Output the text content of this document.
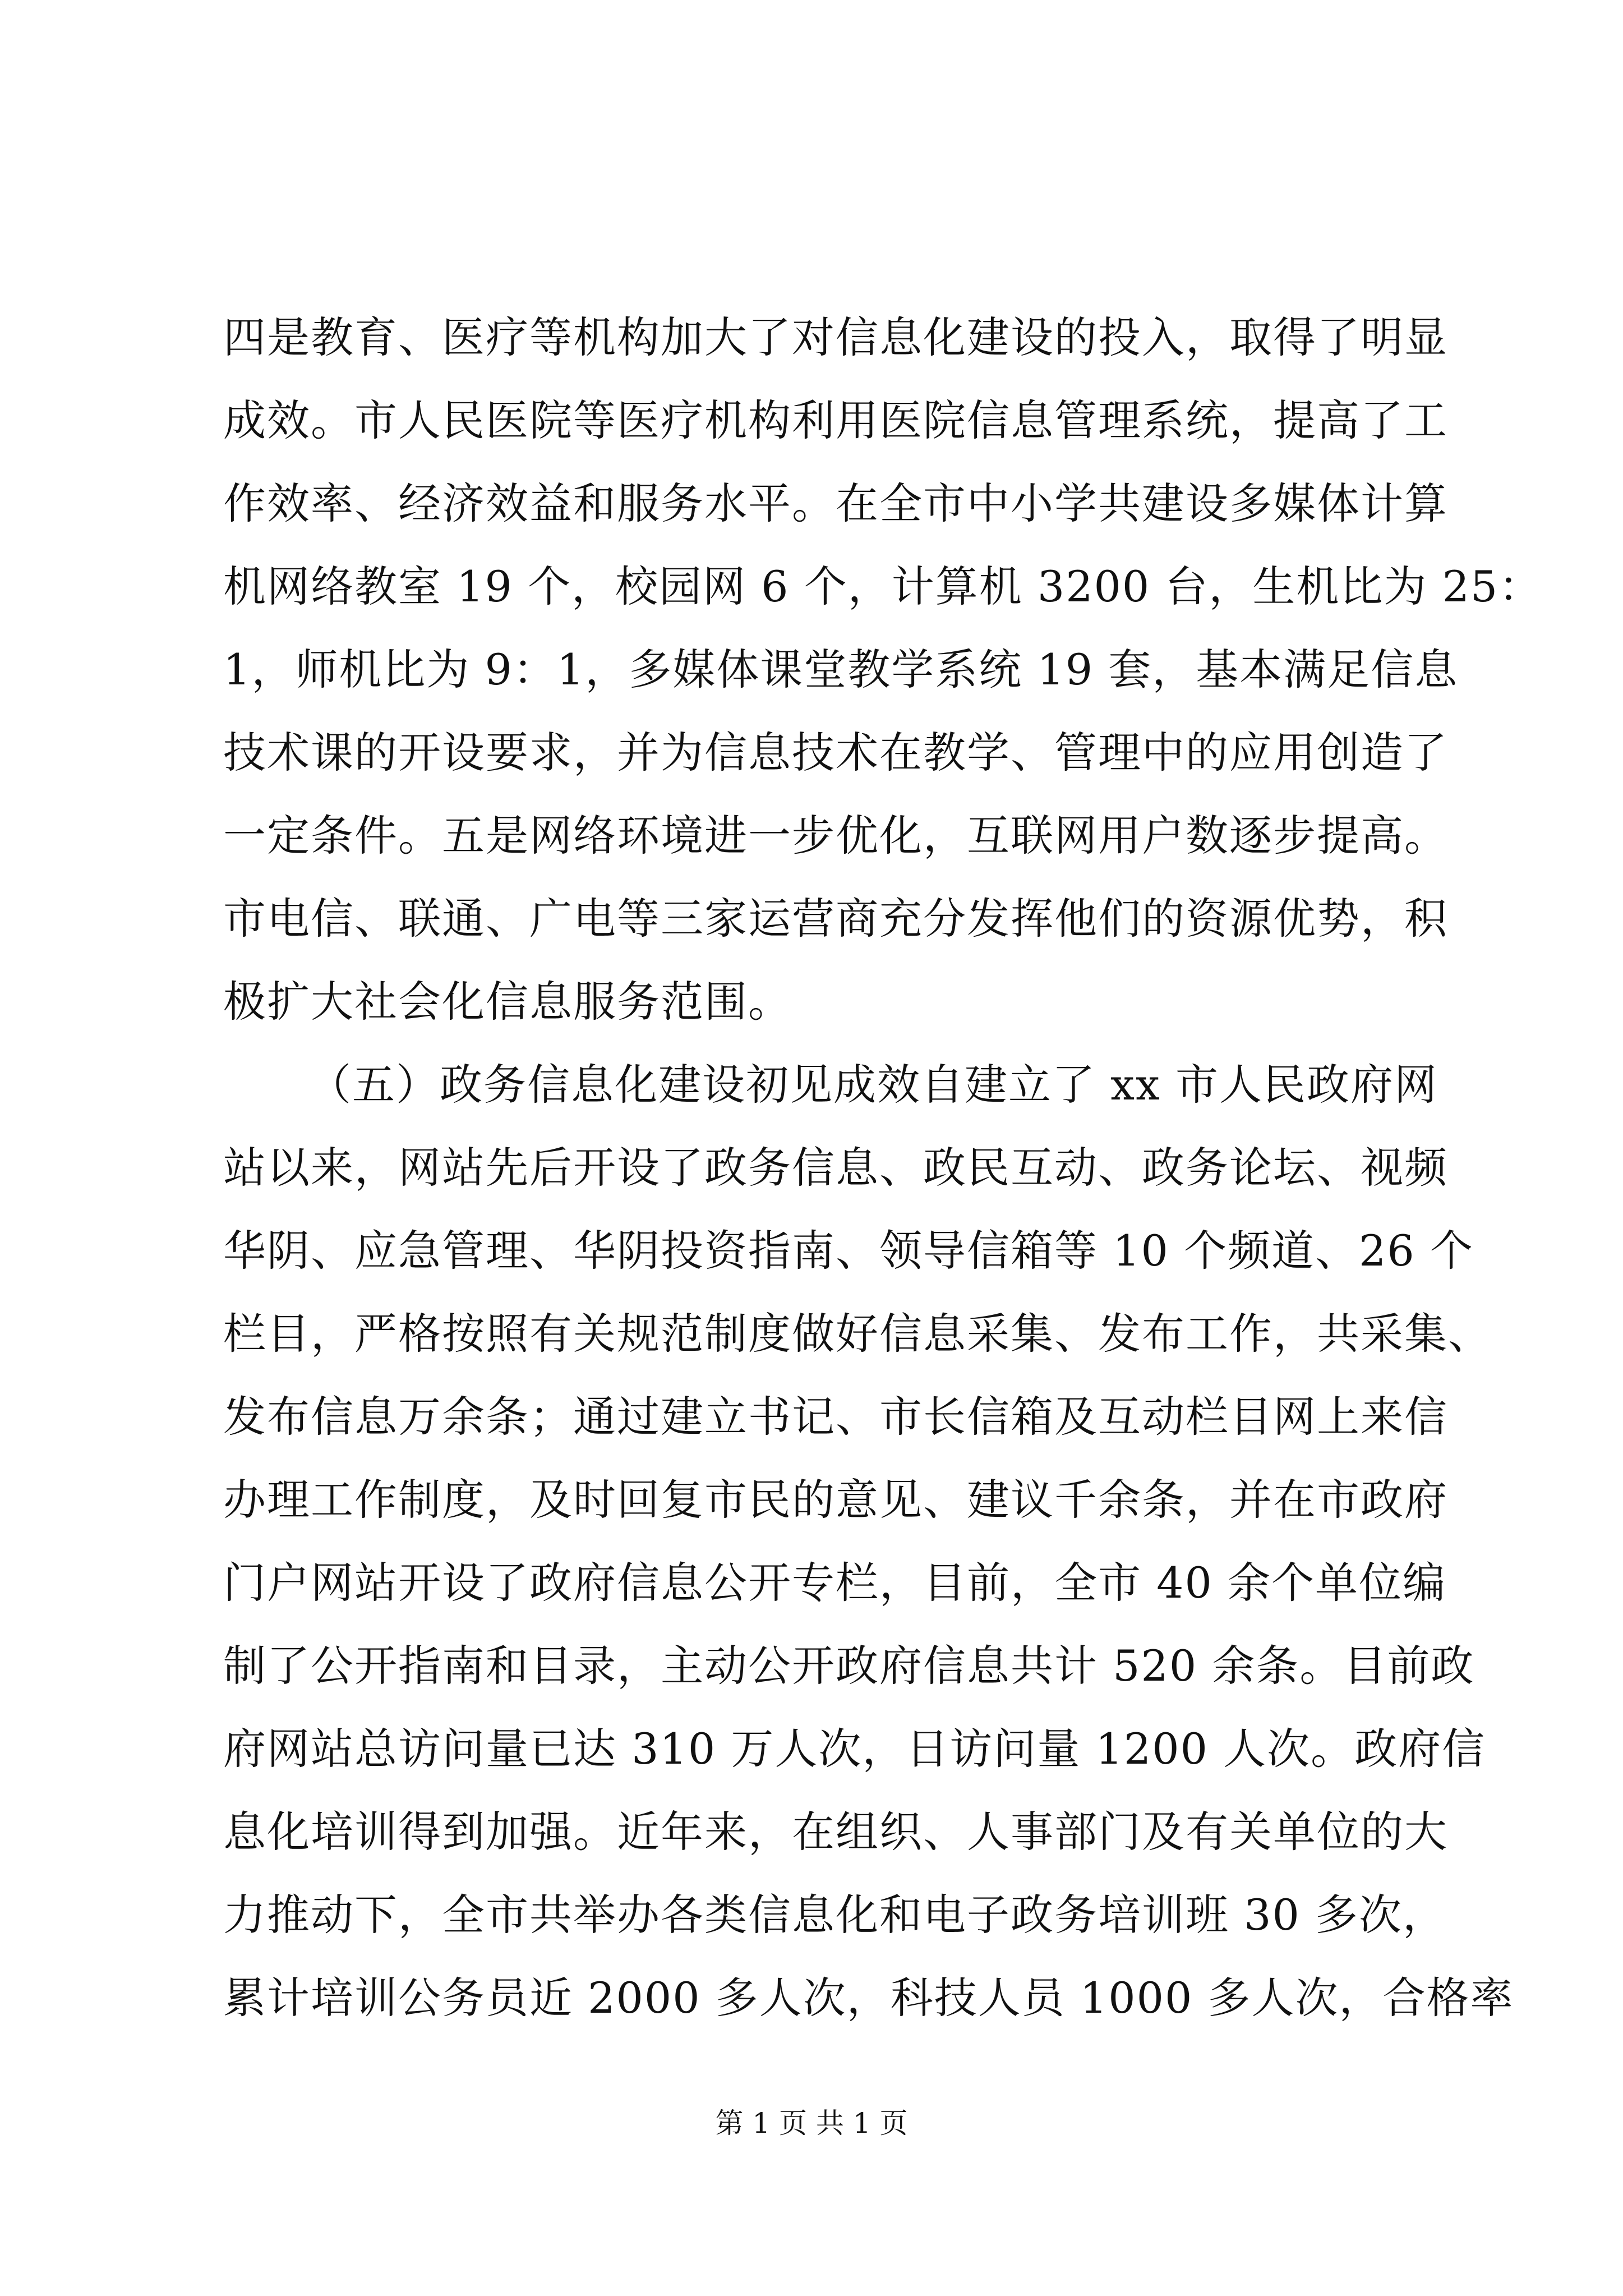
四是教育、医疗等机构加大了对信息化建设的投入，取得了明显
成效。市人民医院等医疗机构利用医院信息管理系统，提高了工
作效率、经济效益和服务水平。在全市中小学共建设多媒体计算
机网络教室 19 个，校园网 6 个，计算机 3200 台，生机比为 25：
1，师机比为 9：1，多媒体课堂教学系统 19 套，基本满足信息
技术课的开设要求，并为信息技术在教学、管理中的应用创造了
一定条件。五是网络环境进一步优化，互联网用户数逐步提高。
市电信、联通、广电等三家运营商充分发挥他们的资源优势，积
极扩大社会化信息服务范围。
（五）政务信息化建设初见成效自建立了 xx 市人民政府网
站以来，网站先后开设了政务信息、政民互动、政务论坛、视频
华阴、应急管理、华阴投资指南、领导信箱等 10 个频道、26 个
栏目，严格按照有关规范制度做好信息采集、发布工作，共采集、
发布信息万余条；通过建立书记、市长信箱及互动栏目网上来信
办理工作制度，及时回复市民的意见、建议千余条，并在市政府
门户网站开设了政府信息公开专栏，目前，全市 40 余个单位编
制了公开指南和目录，主动公开政府信息共计 520 余条。目前政
府网站总访问量已达 310 万人次，日访问量 1200 人次。政府信
息化培训得到加强。近年来，在组织、人事部门及有关单位的大
力推动下，全市共举办各类信息化和电子政务培训班 30 多次，
累计培训公务员近 2000 多人次，科技人员 1000 多人次，合格率
第 1 页 共 1 页
